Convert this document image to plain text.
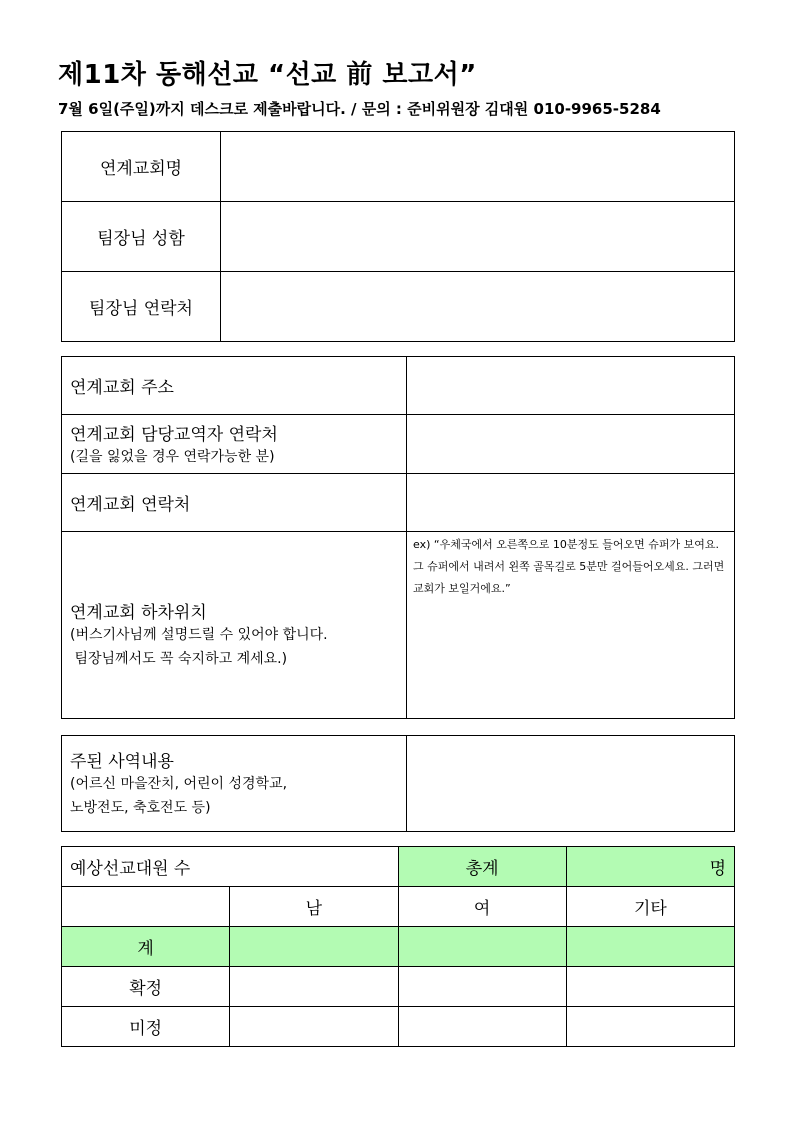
제11차 동해선교 “선교 前 보고서”
7월 6일(주일)까지 데스크로 제출바랍니다. / 문의 : 준비위원장 김대원 010-9965-5284
연계교회명	
팀장님 성함	
팀장님 연락처	
연계교회 주소	

연계교회 담당교역자 연락처
(길을 잃었을 경우 연락가능한 분)	

연계교회 연락처	

연계교회 하차위치
(버스기사님께 설명드릴 수 있어야 합니다.
팀장님께서도 꼭 숙지하고 계세요.)	ex) “우체국에서 오른쪽으로 10분정도 들어오면 슈퍼가 보여요. 그 슈퍼에서 내려서 왼쪽 골목길로 5분만 걸어들어오세요. 그러면 교회가 보일거에요.”
주된 사역내용
(어르신 마을잔치, 어린이 성경학교,
노방전도, 축호전도 등)

예상선교대원 수		총계	명
	남	여	기타
계			
확정			
미정			
